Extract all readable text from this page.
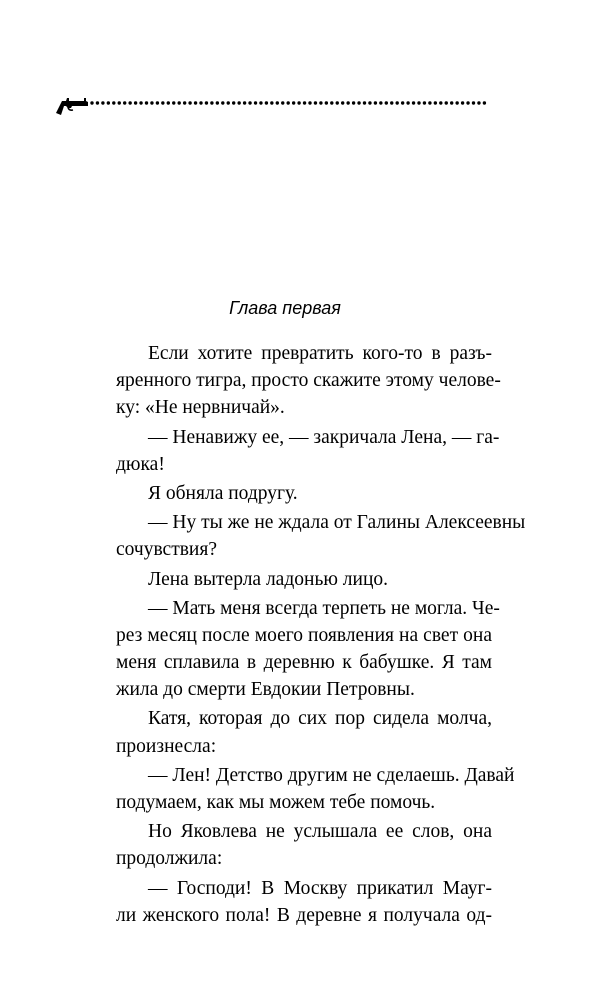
Глава первая
Если хотите превратить кого-то в разъ-
яренного тигра, просто скажите этому челове-
ку: «Не нервничай».
— Ненавижу ее, — закричала Лена, — га-
дюка!
Я обняла подругу.
— Ну ты же не ждала от Галины Алексеевны
сочувствия?
Лена вытерла ладонью лицо.
— Мать меня всегда терпеть не могла. Че-
рез месяц после моего появления на свет она
меня сплавила в деревню к бабушке. Я там
жила до смерти Евдокии Петровны.
Катя, которая до сих пор сидела молча,
произнесла:
— Лен! Детство другим не сделаешь. Давай
подумаем, как мы можем тебе помочь.
Но Яковлева не услышала ее слов, она
продолжила:
— Господи! В Москву прикатил Мауг-
ли женского пола! В деревне я получала од-
